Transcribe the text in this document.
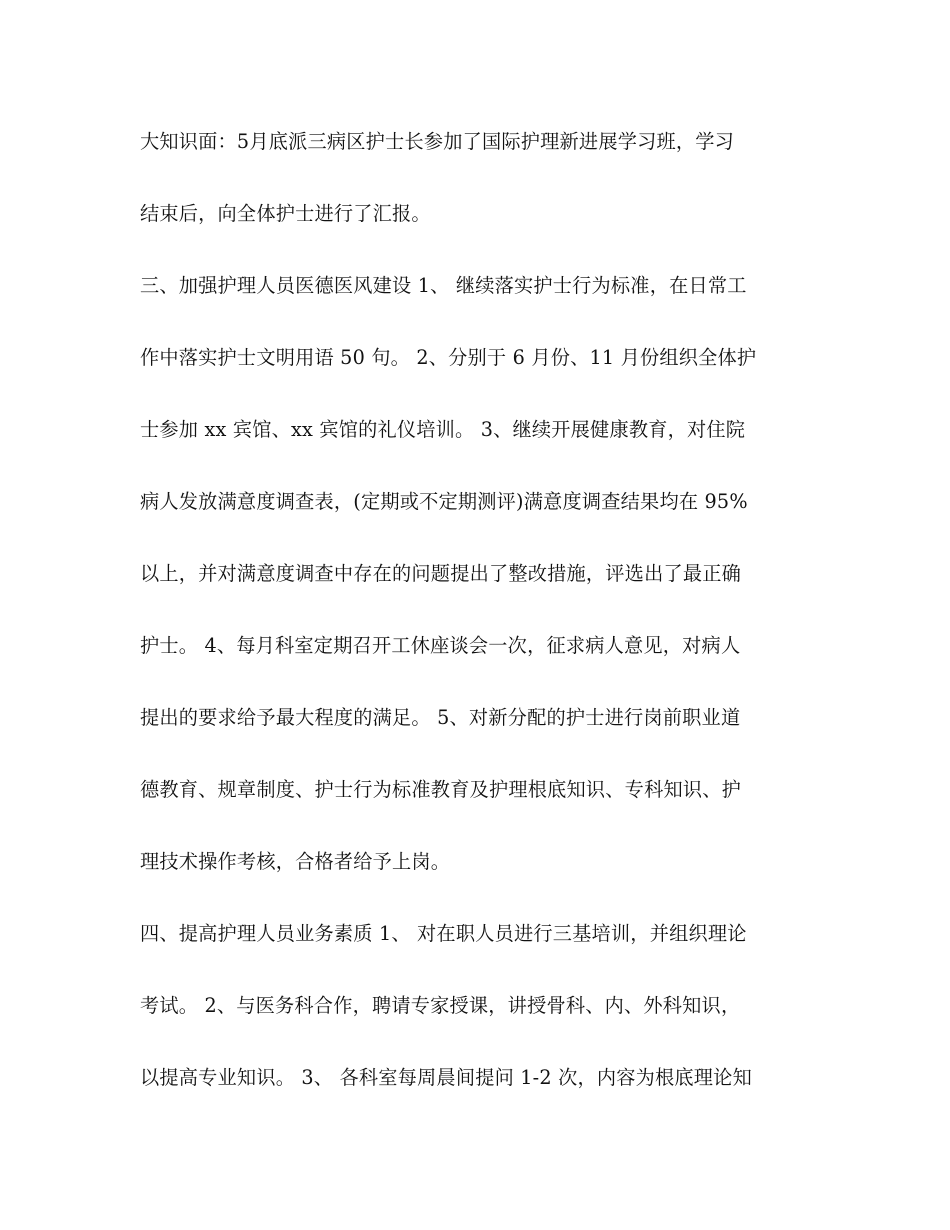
大知识面：5月底派三病区护士长参加了国际护理新进展学习班，学习
结束后，向全体护士进行了汇报。
三、加强护理人员医德医风建设 1、 继续落实护士行为标准，在日常工
作中落实护士文明用语 50 句。 2、分别于 6 月份、11 月份组织全体护
士参加 xx 宾馆、xx 宾馆的礼仪培训。 3、继续开展健康教育，对住院
病人发放满意度调查表，(定期或不定期测评)满意度调查结果均在 95%
以上，并对满意度调查中存在的问题提出了整改措施，评选出了最正确
护士。 4、每月科室定期召开工休座谈会一次，征求病人意见，对病人
提出的要求给予最大程度的满足。 5、对新分配的护士进行岗前职业道
德教育、规章制度、护士行为标准教育及护理根底知识、专科知识、护
理技术操作考核，合格者给予上岗。
四、提高护理人员业务素质 1、 对在职人员进行三基培训，并组织理论
考试。 2、与医务科合作，聘请专家授课，讲授骨科、内、外科知识，
以提高专业知识。 3、 各科室每周晨间提问 1-2 次，内容为根底理论知
